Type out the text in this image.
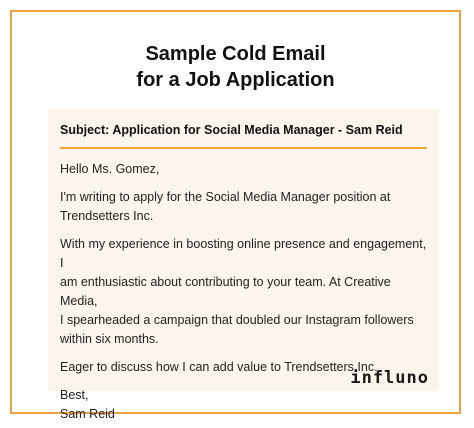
Sample Cold Email
for a Job Application
Subject: Application for Social Media Manager - Sam Reid

Hello Ms. Gomez,

I'm writing to apply for the Social Media Manager position at
Trendsetters Inc.

With my experience in boosting online presence and engagement, I
am enthusiastic about contributing to your team. At Creative Media,
I spearheaded a campaign that doubled our Instagram followers
within six months.

Eager to discuss how I can add value to Trendsetters Inc.

Best,
Sam Reid
influno
